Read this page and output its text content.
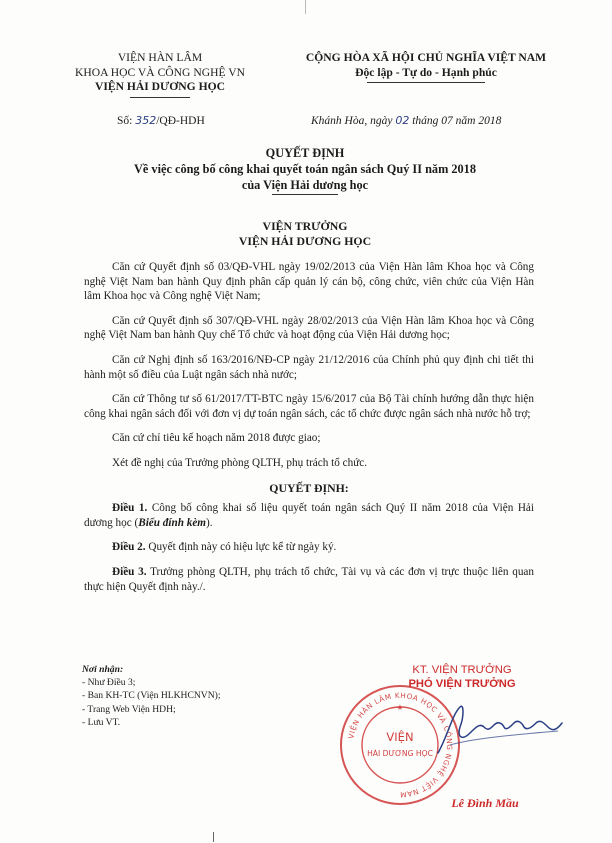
VIỆN HÀN LÂM
KHOA HỌC VÀ CÔNG NGHỆ VN
VIỆN HẢI DƯƠNG HỌC
CỘNG HÒA XÃ HỘI CHỦ NGHĨA VIỆT NAM
Độc lập - Tự do - Hạnh phúc
Số: 352/QĐ-HDH	Khánh Hòa, ngày 02 tháng 07 năm 2018
QUYẾT ĐỊNH
Về việc công bố công khai quyết toán ngân sách Quý II năm 2018
của Viện Hải dương học
VIỆN TRƯỞNG
VIỆN HẢI DƯƠNG HỌC

Căn cứ Quyết định số 03/QĐ-VHL ngày 19/02/2013 của Viện Hàn lâm Khoa học và Công nghệ Việt Nam ban hành Quy định phân cấp quản lý cán bộ, công chức, viên chức của Viện Hàn lâm Khoa học và Công nghệ Việt Nam;

Căn cứ Quyết định số 307/QĐ-VHL ngày 28/02/2013 của Viện Hàn lâm Khoa học và Công nghệ Việt Nam ban hành Quy chế Tổ chức và hoạt động của Viện Hải dương học;

Căn cứ Nghị định số 163/2016/NĐ-CP ngày 21/12/2016 của Chính phủ quy định chi tiết thi hành một số điều của Luật ngân sách nhà nước;

Căn cứ Thông tư số 61/2017/TT-BTC ngày 15/6/2017 của Bộ Tài chính hướng dẫn thực hiện công khai ngân sách đối với đơn vị dự toán ngân sách, các tổ chức được ngân sách nhà nước hỗ trợ;

Căn cứ chỉ tiêu kế hoạch năm 2018 được giao;

Xét đề nghị của Trưởng phòng QLTH, phụ trách tổ chức.

QUYẾT ĐỊNH:

Điều 1. Công bố công khai số liệu quyết toán ngân sách Quý II năm 2018 của Viện Hải dương học (Biểu đính kèm).

Điều 2. Quyết định này có hiệu lực kể từ ngày ký.

Điều 3. Trưởng phòng QLTH, phụ trách tổ chức, Tài vụ và các đơn vị trực thuộc liên quan thực hiện Quyết định này./.

Nơi nhận:
- Như Điều 3;
- Ban KH-TC (Viện HLKHCNVN);
- Trang Web Viện HDH;
- Lưu VT.
KT. VIỆN TRƯỞNG
PHÓ VIỆN TRƯỞNG
VIỆN HÀN LÂM KHOA HỌC VÀ CÔNG NGHỆ VIỆT NAM
VIỆN
HẢI DƯƠNG HỌC
★
Lê Đình Mầu
